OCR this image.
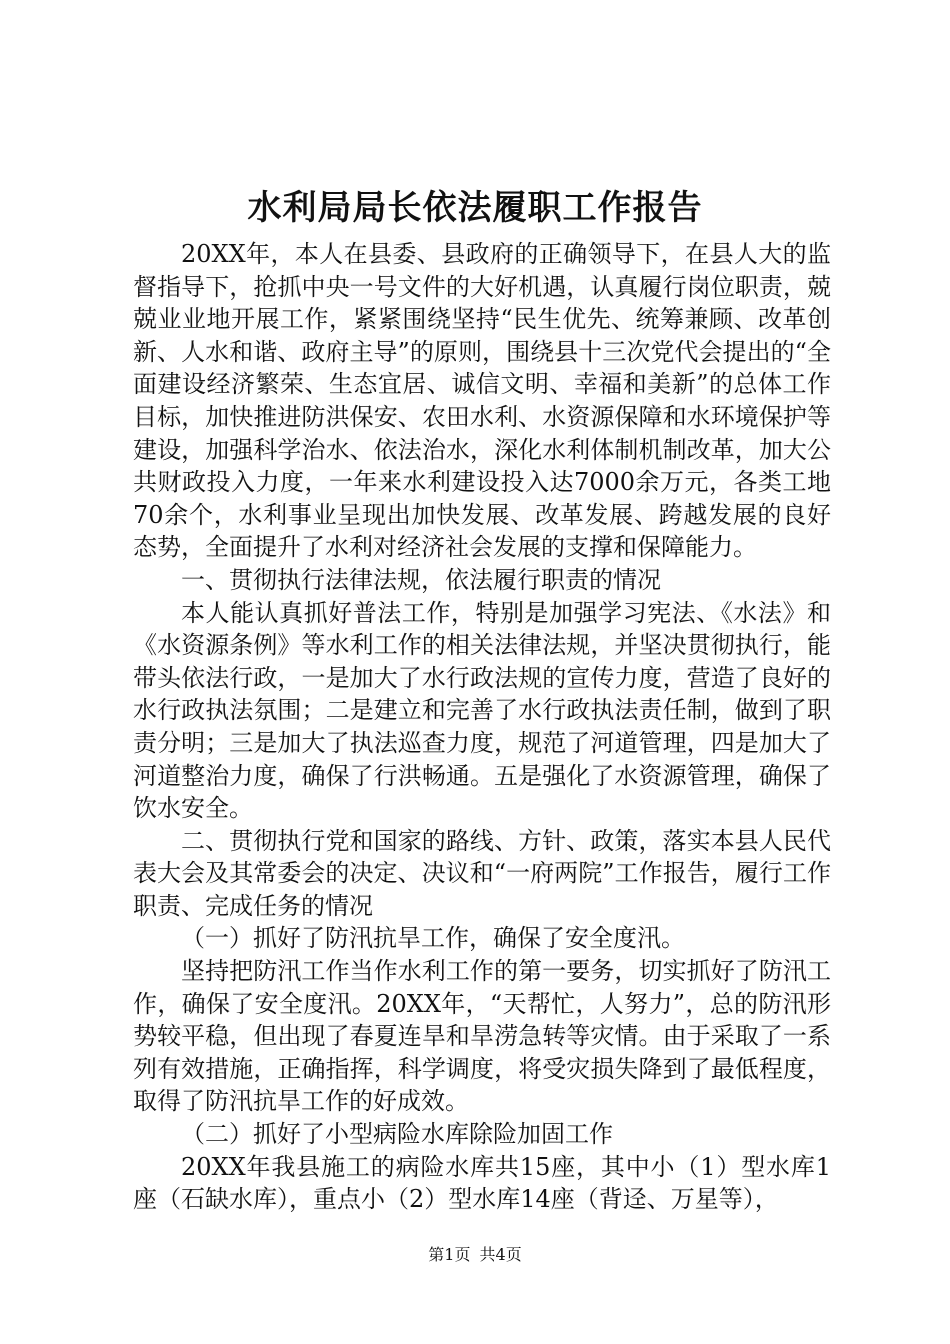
水利局局长依法履职工作报告

20XX年，本人在县委、县政府的正确领导下，在县人大的监督指导下，抢抓中央一号文件的大好机遇，认真履行岗位职责，兢兢业业地开展工作，紧紧围绕坚持“民生优先、统筹兼顾、改革创新、人水和谐、政府主导”的原则，围绕县十三次党代会提出的“全面建设经济繁荣、生态宜居、诚信文明、幸福和美新”的总体工作目标，加快推进防洪保安、农田水利、水资源保障和水环境保护等建设，加强科学治水、依法治水，深化水利体制机制改革，加大公共财政投入力度，一年来水利建设投入达7000余万元，各类工地70余个，水利事业呈现出加快发展、改革发展、跨越发展的良好态势，全面提升了水利对经济社会发展的支撑和保障能力。

一、贯彻执行法律法规，依法履行职责的情况

本人能认真抓好普法工作，特别是加强学习宪法、《水法》和《水资源条例》等水利工作的相关法律法规，并坚决贯彻执行，能带头依法行政，一是加大了水行政法规的宣传力度，营造了良好的水行政执法氛围；二是建立和完善了水行政执法责任制，做到了职责分明；三是加大了执法巡查力度，规范了河道管理，四是加大了河道整治力度，确保了行洪畅通。五是强化了水资源管理，确保了饮水安全。

二、贯彻执行党和国家的路线、方针、政策，落实本县人民代表大会及其常委会的决定、决议和“一府两院”工作报告，履行工作职责、完成任务的情况

（一）抓好了防汛抗旱工作，确保了安全度汛。

坚持把防汛工作当作水利工作的第一要务，切实抓好了防汛工作，确保了安全度汛。20XX年，“天帮忙，人努力”，总的防汛形势较平稳，但出现了春夏连旱和旱涝急转等灾情。由于采取了一系列有效措施，正确指挥，科学调度，将受灾损失降到了最低程度，取得了防汛抗旱工作的好成效。

（二）抓好了小型病险水库除险加固工作

20XX年我县施工的病险水库共15座，其中小（1）型水库1座（石缺水库），重点小（2）型水库14座（背迳、万星等），

第1页 共4页
